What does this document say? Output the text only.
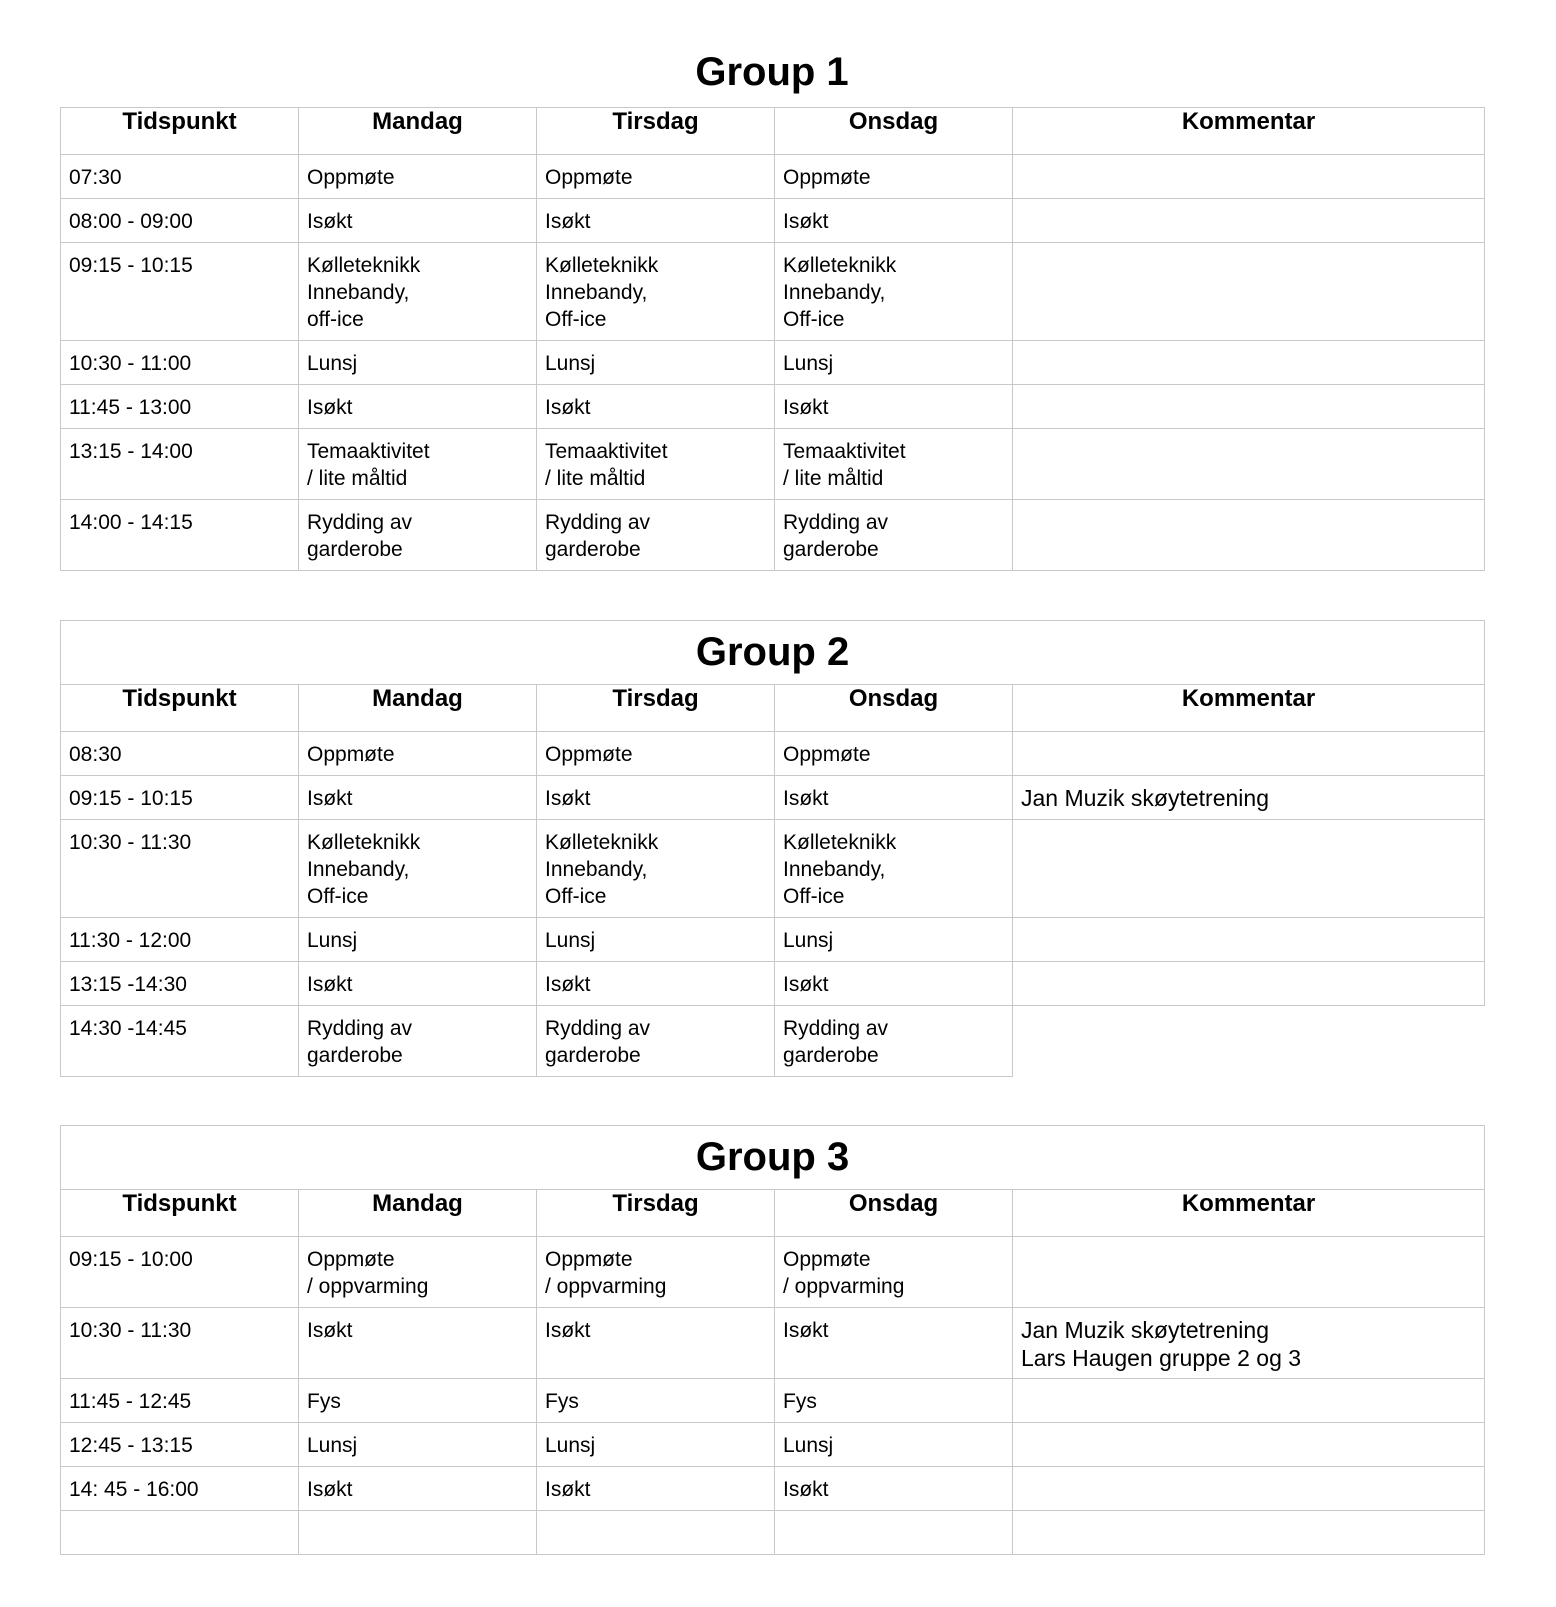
Group 1
Tidspunkt	Mandag	Tirsdag	Onsdag	Kommentar

07:30	Oppmøte	Oppmøte	Oppmøte	

08:00 - 09:00	Isøkt	Isøkt	Isøkt	

09:15 - 10:15	Kølleteknikk
Innebandy,
off-ice	Kølleteknikk
Innebandy,
Off-ice	Kølleteknikk
Innebandy,
Off-ice	

10:30 - 11:00	Lunsj	Lunsj	Lunsj	

11:45 - 13:00	Isøkt	Isøkt	Isøkt	

13:15 - 14:00	Temaaktivitet
/ lite måltid	Temaaktivitet
/ lite måltid	Temaaktivitet
/ lite måltid	

14:00 - 14:15	Rydding av
garderobe	Rydding av
garderobe	Rydding av
garderobe	

Group 2				
Tidspunkt	Mandag	Tirsdag	Onsdag	Kommentar

08:30	Oppmøte	Oppmøte	Oppmøte	

09:15 - 10:15	Isøkt	Isøkt	Isøkt	Jan Muzik skøytetrening

10:30 - 11:30	Kølleteknikk
Innebandy,
Off-ice	Kølleteknikk
Innebandy,
Off-ice	Kølleteknikk
Innebandy,
Off-ice	

11:30 - 12:00	Lunsj	Lunsj	Lunsj	

13:15 -14:30	Isøkt	Isøkt	Isøkt	

14:30 -14:45	Rydding av
garderobe	Rydding av
garderobe	Rydding av
garderobe	

Group 3				
Tidspunkt	Mandag	Tirsdag	Onsdag	Kommentar

09:15 - 10:00	Oppmøte
/ oppvarming	Oppmøte
/ oppvarming	Oppmøte
/ oppvarming	

10:30 - 11:30	Isøkt	Isøkt	Isøkt	Jan Muzik skøytetrening
Lars Haugen gruppe 2 og 3

11:45 - 12:45	Fys	Fys	Fys	

12:45 - 13:15	Lunsj	Lunsj	Lunsj	

14: 45 - 16:00	Isøkt	Isøkt	Isøkt	
